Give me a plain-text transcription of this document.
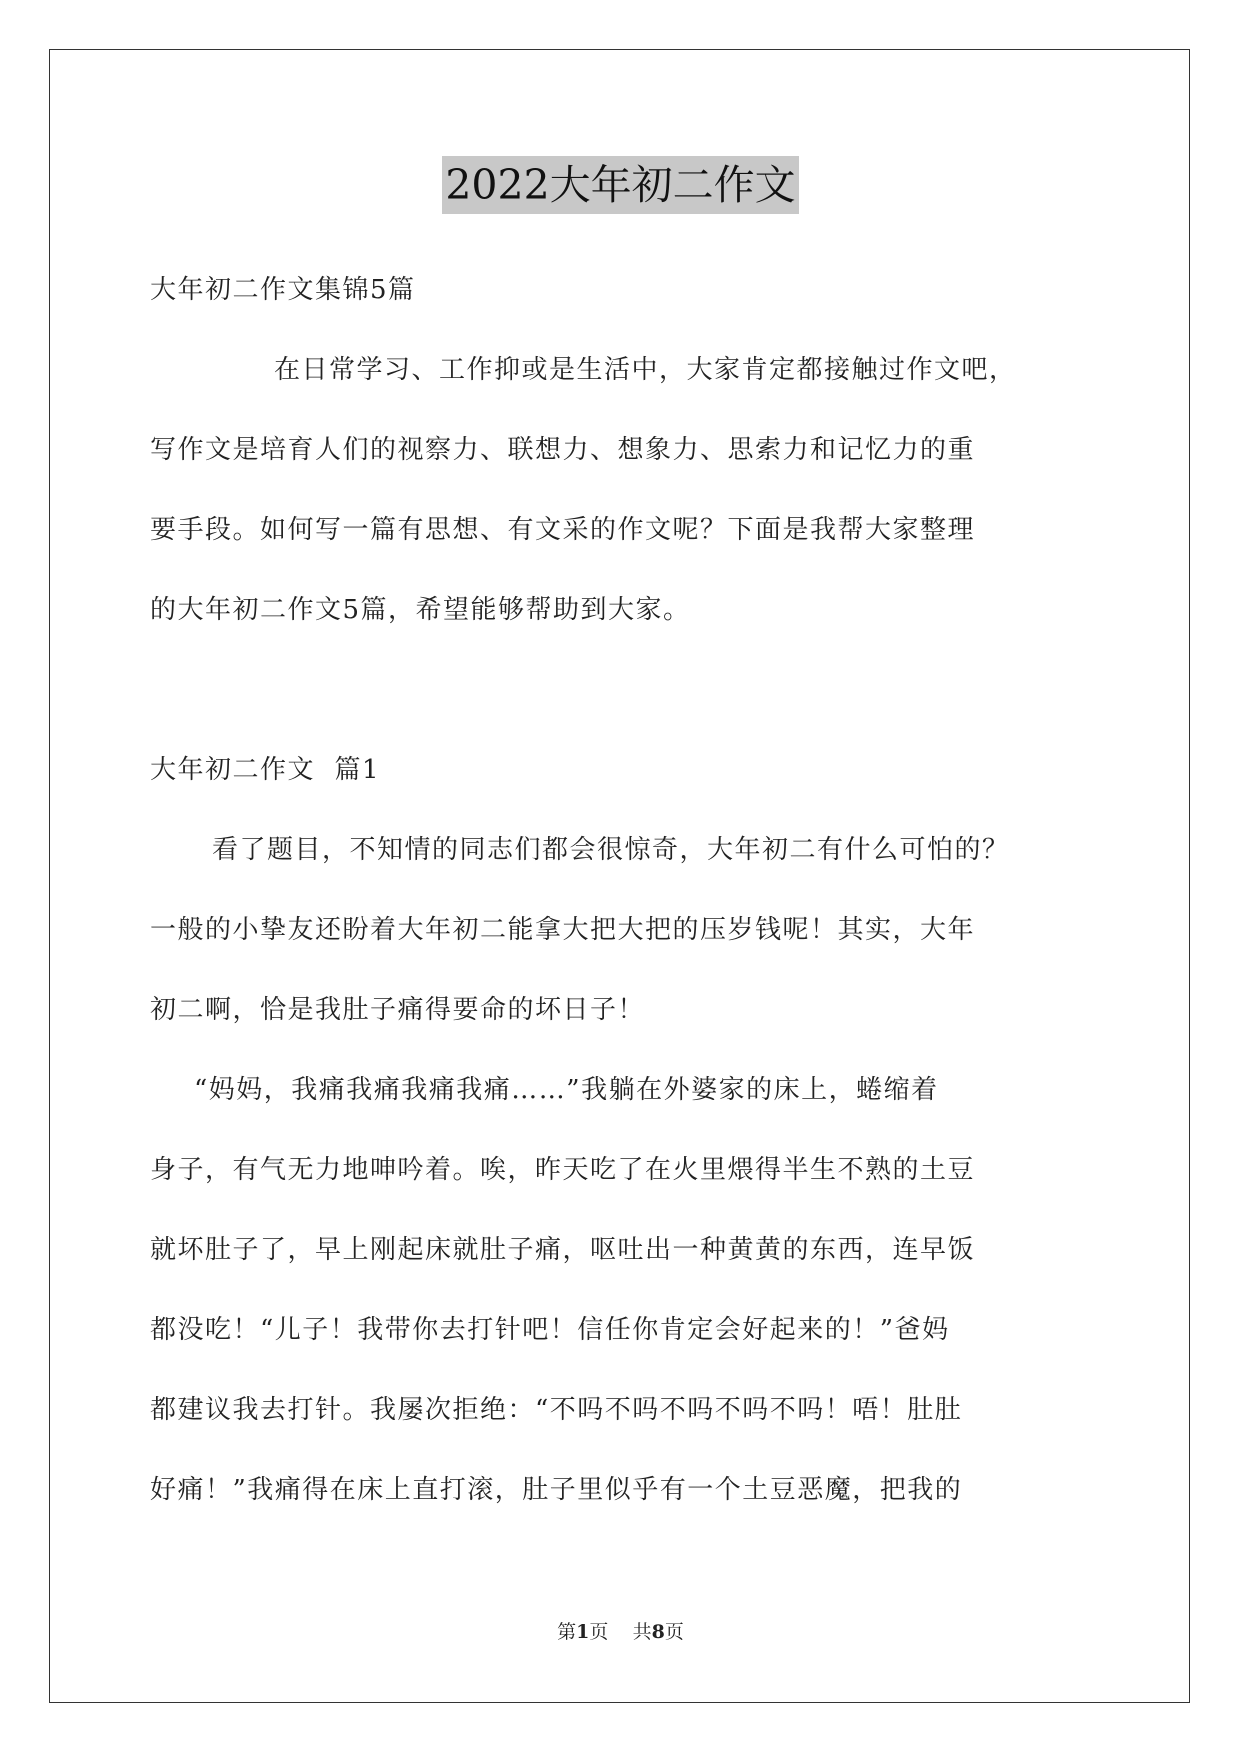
2022大年初二作文
大年初二作文集锦5篇
在日常学习、工作抑或是生活中，大家肯定都接触过作文吧，
写作文是培育人们的视察力、联想力、想象力、思索力和记忆力的重
要手段。如何写一篇有思想、有文采的作文呢？下面是我帮大家整理
的大年初二作文5篇，希望能够帮助到大家。
大年初二作文  篇1
看了题目，不知情的同志们都会很惊奇，大年初二有什么可怕的？
一般的小挚友还盼着大年初二能拿大把大把的压岁钱呢！其实，大年
初二啊，恰是我肚子痛得要命的坏日子！
“妈妈，我痛我痛我痛我痛……”我躺在外婆家的床上，蜷缩着
身子，有气无力地呻吟着。唉，昨天吃了在火里煨得半生不熟的土豆
就坏肚子了，早上刚起床就肚子痛，呕吐出一种黄黄的东西，连早饭
都没吃！“儿子！我带你去打针吧！信任你肯定会好起来的！”爸妈
都建议我去打针。我屡次拒绝：“不吗不吗不吗不吗不吗！唔！肚肚
好痛！”我痛得在床上直打滚，肚子里似乎有一个土豆恶魔，把我的
第1页 共8页
